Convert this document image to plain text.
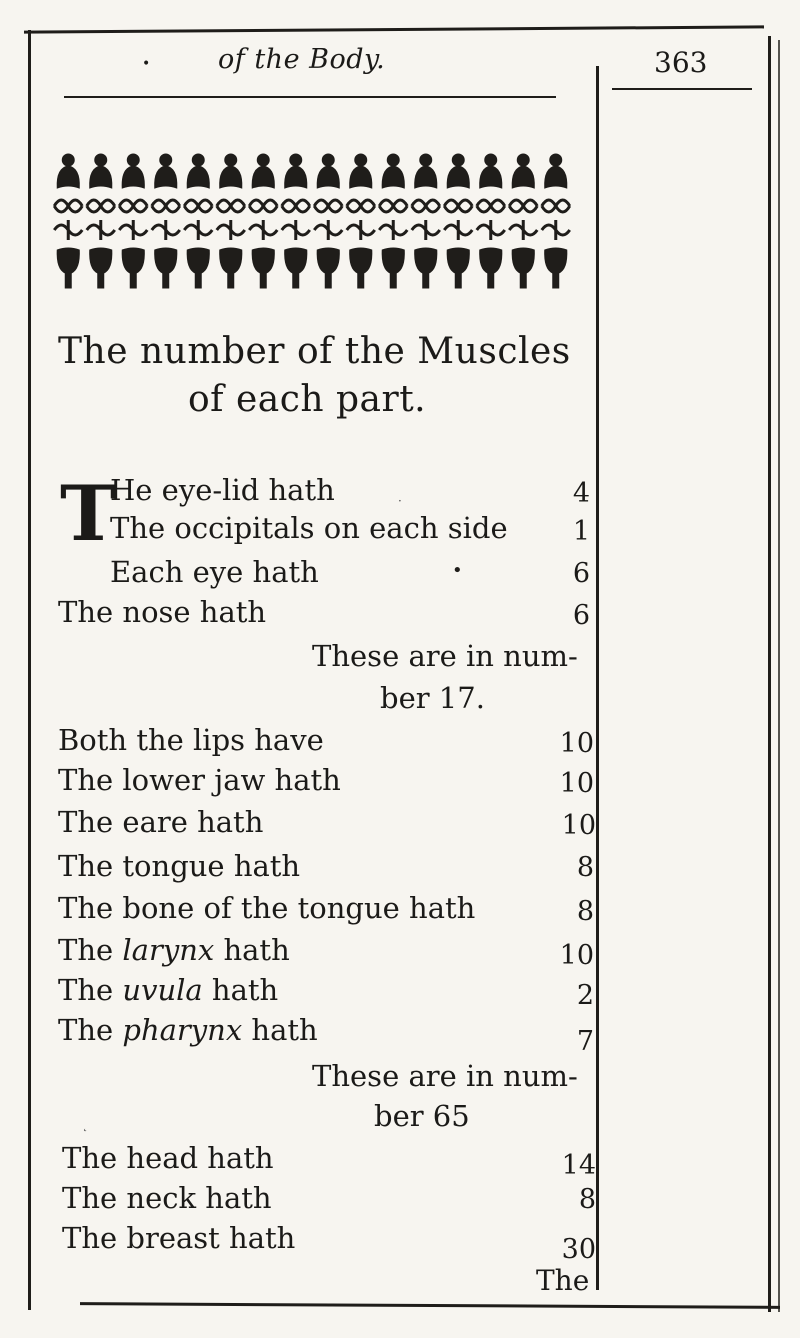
•	of the Body.	363
The number of the Muscles
of each part.
T
He eye-lid hath	4
The occipitals on each side	1
Each eye hath	6
The nose hath	6
These are in num-
ber 17.
Both the lips have	10
The lower jaw hath	10
The eare hath	10
The tongue hath	8
The bone of the tongue hath	8
The larynx hath	10
The uvula hath	2
The pharynx hath	7
These are in num-
ber 65
The head hath	14
The neck hath	8
The breast hath	30
The
·
•
˛
